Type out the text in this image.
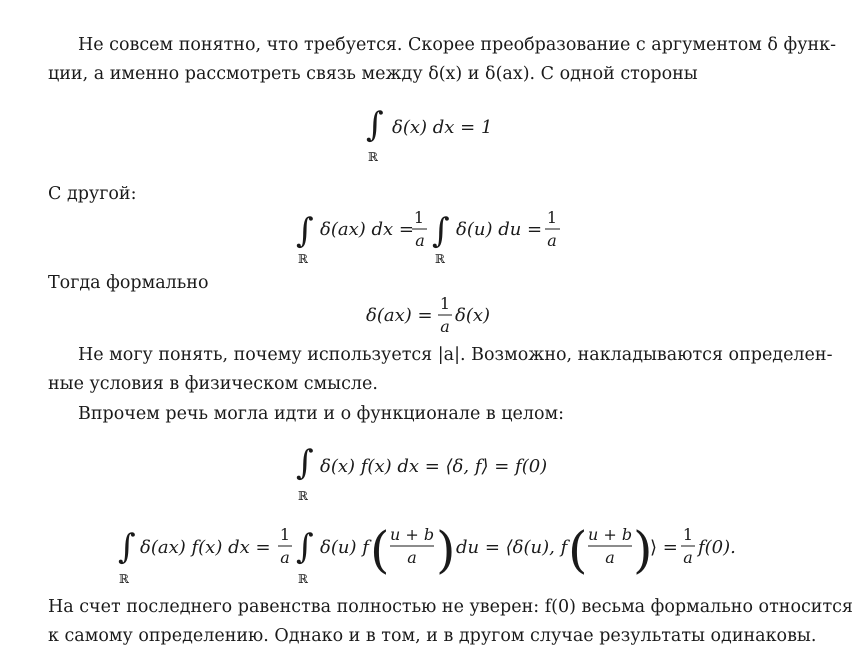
Не совсем понятно, что требуется. Скорее преобразование с аргументом δ функ-

ции, а именно рассмотреть связь между δ(x) и δ(ax). С одной стороны

∫
ℝ
δ(x) dx = 1
∫
ℝ
δ(ax) dx =
1
a ∫
ℝ
δ(u) du =
1
a
δ(ax) =
1
a
δ(x)
∫
ℝ
δ(x) f(x) dx = ⟨δ, f⟩ = f(0)
∫
ℝ
δ(ax) f(x) dx =
1
a ∫
ℝ
δ(u) f ( u + b
a ) du = ⟨δ(u), f ( u + b
a )
⟩ =
1
a f(0).

С другой:

Тогда формально

Не могу понять, почему используется |a|. Возможно, накладываются определен-

ные условия в физическом смысле.

Впрочем речь могла идти и о функционале в целом:

На счет последнего равенства полностью не уверен: f(0) весьма формально относится

к самому определению. Однако и в том, и в другом случае результаты одинаковы.
